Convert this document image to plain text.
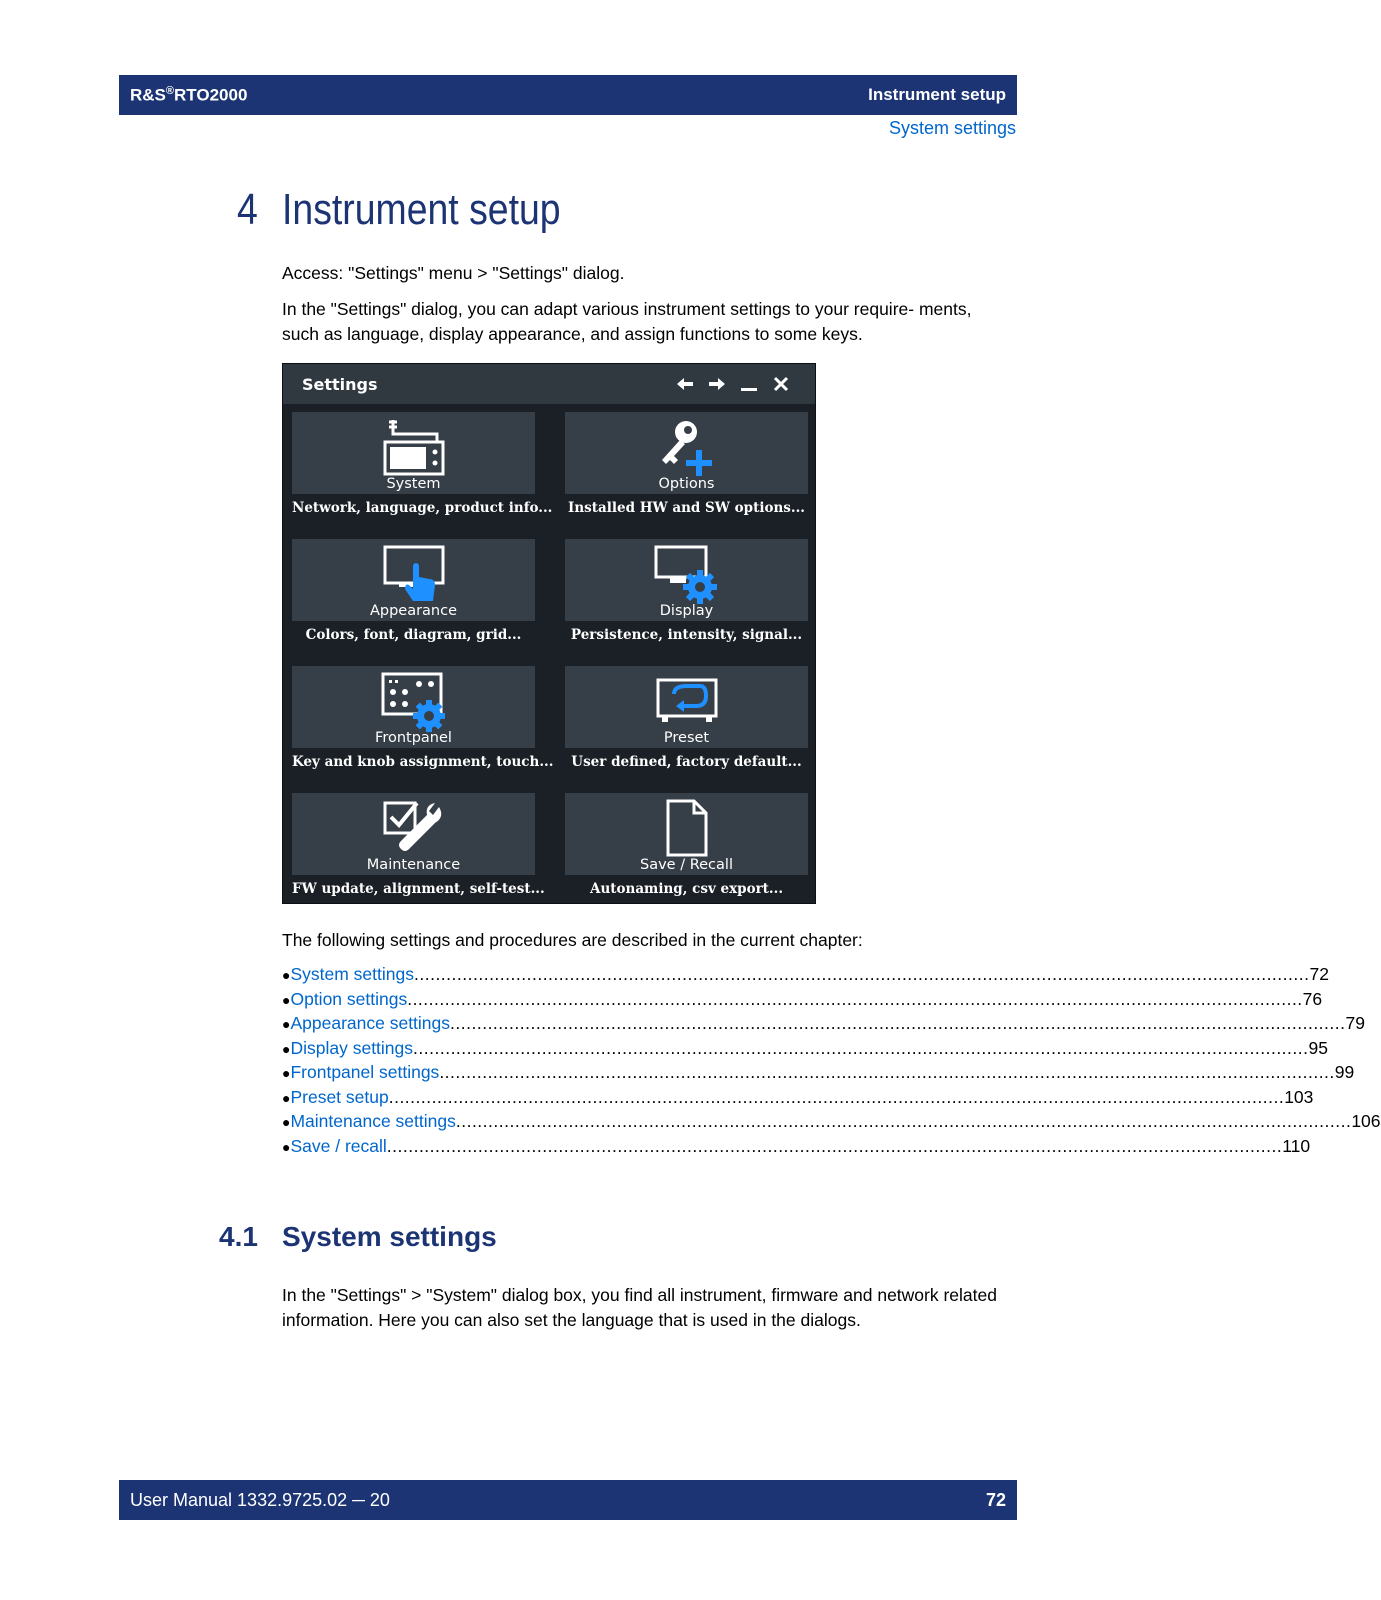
R&S®RTO2000	Instrument setup
System settings
4 Instrument setup
Access: "Settings" menu > "Settings" dialog.
In the "Settings" dialog, you can adapt various instrument settings to your require- ments, such as language, display appearance, and assign functions to some keys.
Settings
System
Network, language, product info...
Options
Installed HW and SW options...
Appearance
Colors, font, diagram, grid...
Display
Persistence, intensity, signal...
Frontpanel
Key and knob assignment, touch...
Preset
User defined, factory default...
Maintenance
FW update, alignment, self-test...
Save / Recall
Autonaming, csv export...
The following settings and procedures are described in the current chapter:
● System settings ....................................................................................................................................................................... 72
● Option settings ....................................................................................................................................................................... 76
● Appearance settings ....................................................................................................................................................................... 79
● Display settings ....................................................................................................................................................................... 95
● Frontpanel settings ....................................................................................................................................................................... 99
● Preset setup ....................................................................................................................................................................... 103
● Maintenance settings ....................................................................................................................................................................... 106
● Save / recall ....................................................................................................................................................................... 110
4.1 System settings
In the "Settings" > "System" dialog box, you find all instrument, firmware and network related information. Here you can also set the language that is used in the dialogs.
User Manual 1332.9725.02 ─ 20	72
